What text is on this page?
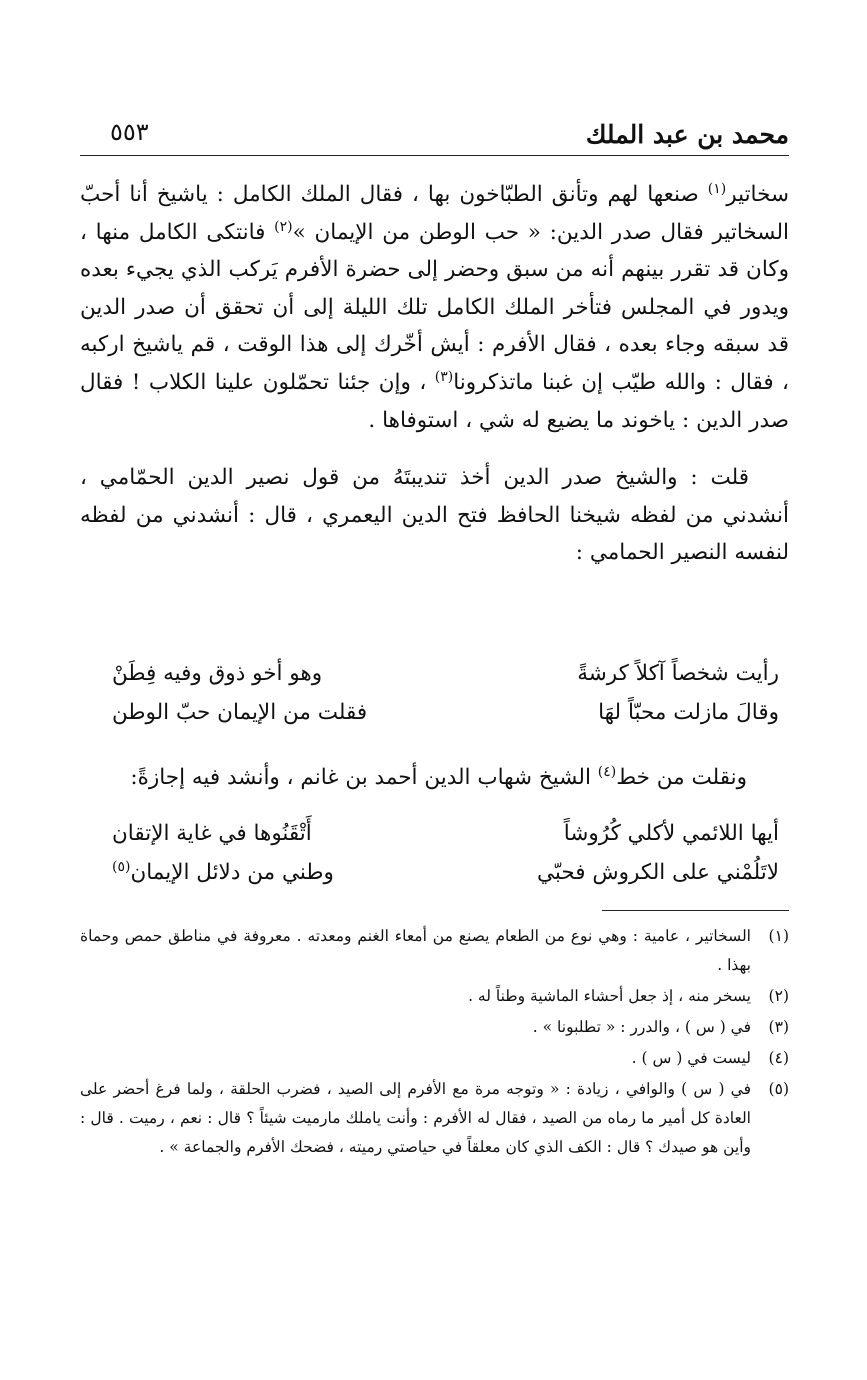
محمد بن عبد الملك
٥٥٣

سخاتير$^{(١)}$ صنعها لهم وتأنق الطبّاخون بها ، فقال الملك الكامل : ياشيخ أنا أحبّ السخاتير فقال صدر الدين: « حب الوطن من الإيمان »$^{(٢)}$ فانتكى الكامل منها ، وكان قد تقرر بينهم أنه من سبق وحضر إلى حضرة الأفرم يَركب الذي يجيء بعده ويدور في المجلس فتأخر الملك الكامل تلك الليلة إلى أن تحقق أن صدر الدين قد سبقه وجاء بعده ، فقال الأفرم : أيش أخّرك إلى هذا الوقت ، قم ياشيخ اركبه ، فقال : والله طيّب إن غبنا ماتذكرونا$^{(٣)}$ ، وإن جئنا تحمّلون علينا الكلاب ! فقال صدر الدين : ياخوند ما يضيع له شي ، استوفاها .

قلت : والشيخ صدر الدين أخذ تنديبتَهُ من قول نصير الدين الحمّامي ، أنشدني من لفظه شيخنا الحافظ فتح الدين اليعمري ، قال : أنشدني من لفظه لنفسه النصير الحمامي :

رأيت شخصاً آكلاً كرشةً
وهو أخو ذوق وفيه فِطَنْ
وقالَ مازلت محبّاً لهَا
فقلت من الإيمان حبّ الوطن
ونقلت من خط$^{(٤)}$ الشيخ شهاب الدين أحمد بن غانم ، وأنشد فيه إجازةً:
أيها اللائمي لأكلي كُرُوشاً
أَتْقَنُوها في غاية الإتقان
لاتَلُمْني على الكروش فحبّي
وطني من دلائل الإيمان$^{(٥)}$
(١)
السخاتير ، عامية : وهي نوع من الطعام يصنع من أمعاء الغنم ومعدته . معروفة في مناطق حمص وحماة بهذا .
(٢)
يسخر منه ، إذ جعل أحشاء الماشية وطناً له .
(٣)
في ( س ) ، والدرر : « تطلبونا » .
(٤)
ليست في ( س ) .
(٥)
في ( س ) والوافي ، زيادة : « وتوجه مرة مع الأفرم إلى الصيد ، فضرب الحلقة ، ولما فرغ أحضر على العادة كل أمير ما رماه من الصيد ، فقال له الأفرم : وأنت ياملك مارميت شيئاً ؟ قال : نعم ، رميت . قال : وأين هو صيدك ؟ قال : الكف الذي كان معلقاً في حياصتي رميته ، فضحك الأفرم والجماعة » .
